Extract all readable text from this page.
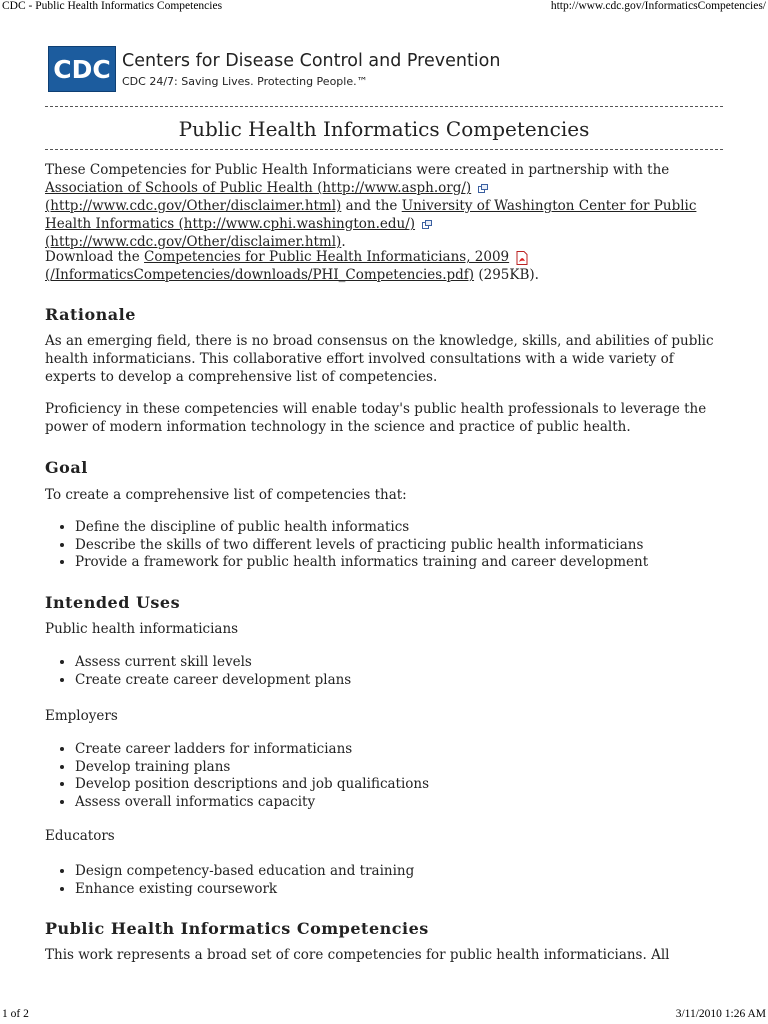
CDC - Public Health Informatics Competencies	http://www.cdc.gov/InformaticsCompetencies/
CDC Centers for Disease Control and Prevention
CDC 24/7: Saving Lives. Protecting People.™
Public Health Informatics Competencies

These Competencies for Public Health Informaticians were created in partnership with the Association of Schools of Public Health (http://www.asph.org/)  (http://www.cdc.gov/Other/disclaimer.html) and the University of Washington Center for Public Health Informatics (http://www.cphi.washington.edu/)  (http://www.cdc.gov/Other/disclaimer.html).

Download the Competencies for Public Health Informaticians, 2009  (/InformaticsCompetencies/downloads/PHI_Competencies.pdf) (295KB).

Rationale

As an emerging field, there is no broad consensus on the knowledge, skills, and abilities of public health informaticians. This collaborative effort involved consultations with a wide variety of experts to develop a comprehensive list of competencies.

Proficiency in these competencies will enable today's public health professionals to leverage the power of modern information technology in the science and practice of public health.

Goal

To create a comprehensive list of competencies that:

• Define the discipline of public health informatics
• Describe the skills of two different levels of practicing public health informaticians
• Provide a framework for public health informatics training and career development
Intended Uses

Public health informaticians

• Assess current skill levels
• Create create career development plans

Employers

• Create career ladders for informaticians
• Develop training plans
• Develop position descriptions and job qualifications
• Assess overall informatics capacity

Educators

• Design competency-based education and training
• Enhance existing coursework
Public Health Informatics Competencies

This work represents a broad set of core competencies for public health informaticians. All

1 of 2	3/11/2010 1:26 AM
